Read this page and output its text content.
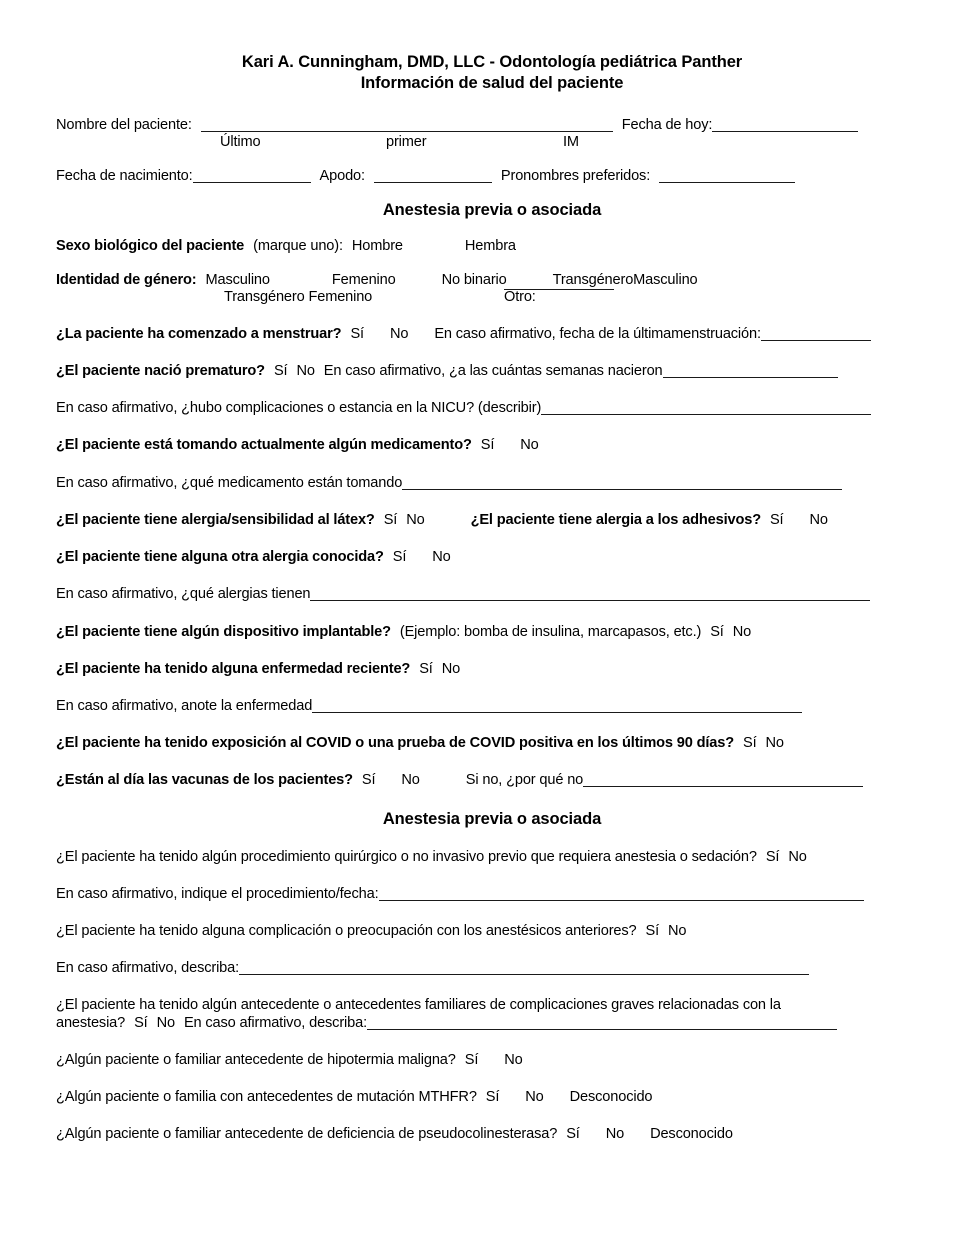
Kari A. Cunningham, DMD, LLC - Odontología pediátrica Panther
Información de salud del paciente
Nombre del paciente:	Fecha de hoy:
Último	primer	IM
Fecha de nacimiento:	Apodo:	Pronombres preferidos:
Anestesia previa o asociada
Sexo biológico del paciente (marque uno): Hombre	Hembra
Identidad de género: Masculino	Femenino	No binario	TransgéneroMasculino
Transgénero Femenino	Otro:
¿La paciente ha comenzado a menstruar? Sí No En caso afirmativo, fecha de la últimamenstruación:
¿El paciente nació prematuro? Sí No En caso afirmativo, ¿a las cuántas semanas nacieron
En caso afirmativo, ¿hubo complicaciones o estancia en la NICU? (describir)
¿El paciente está tomando actualmente algún medicamento? Sí No
En caso afirmativo, ¿qué medicamento están tomando
¿El paciente tiene alergia/sensibilidad al látex? Sí No	¿El paciente tiene alergia a los adhesivos? Sí No
¿El paciente tiene alguna otra alergia conocida? Sí No
En caso afirmativo, ¿qué alergias tienen
¿El paciente tiene algún dispositivo implantable? (Ejemplo: bomba de insulina, marcapasos, etc.) Sí No
¿El paciente ha tenido alguna enfermedad reciente? Sí No
En caso afirmativo, anote la enfermedad
¿El paciente ha tenido exposición al COVID o una prueba de COVID positiva en los últimos 90 días? Sí No
¿Están al día las vacunas de los pacientes? Sí No	Si no, ¿por qué no
Anestesia previa o asociada
¿El paciente ha tenido algún procedimiento quirúrgico o no invasivo previo que requiera anestesia o sedación? Sí No
En caso afirmativo, indique el procedimiento/fecha:
¿El paciente ha tenido alguna complicación o preocupación con los anestésicos anteriores? Sí No
En caso afirmativo, describa:
¿El paciente ha tenido algún antecedente o antecedentes familiares de complicaciones graves relacionadas con la
anestesia? Sí No En caso afirmativo, describa:
¿Algún paciente o familiar antecedente de hipotermia maligna? Sí No
¿Algún paciente o familia con antecedentes de mutación MTHFR? Sí No Desconocido
¿Algún paciente o familiar antecedente de deficiencia de pseudocolinesterasa? Sí No Desconocido
